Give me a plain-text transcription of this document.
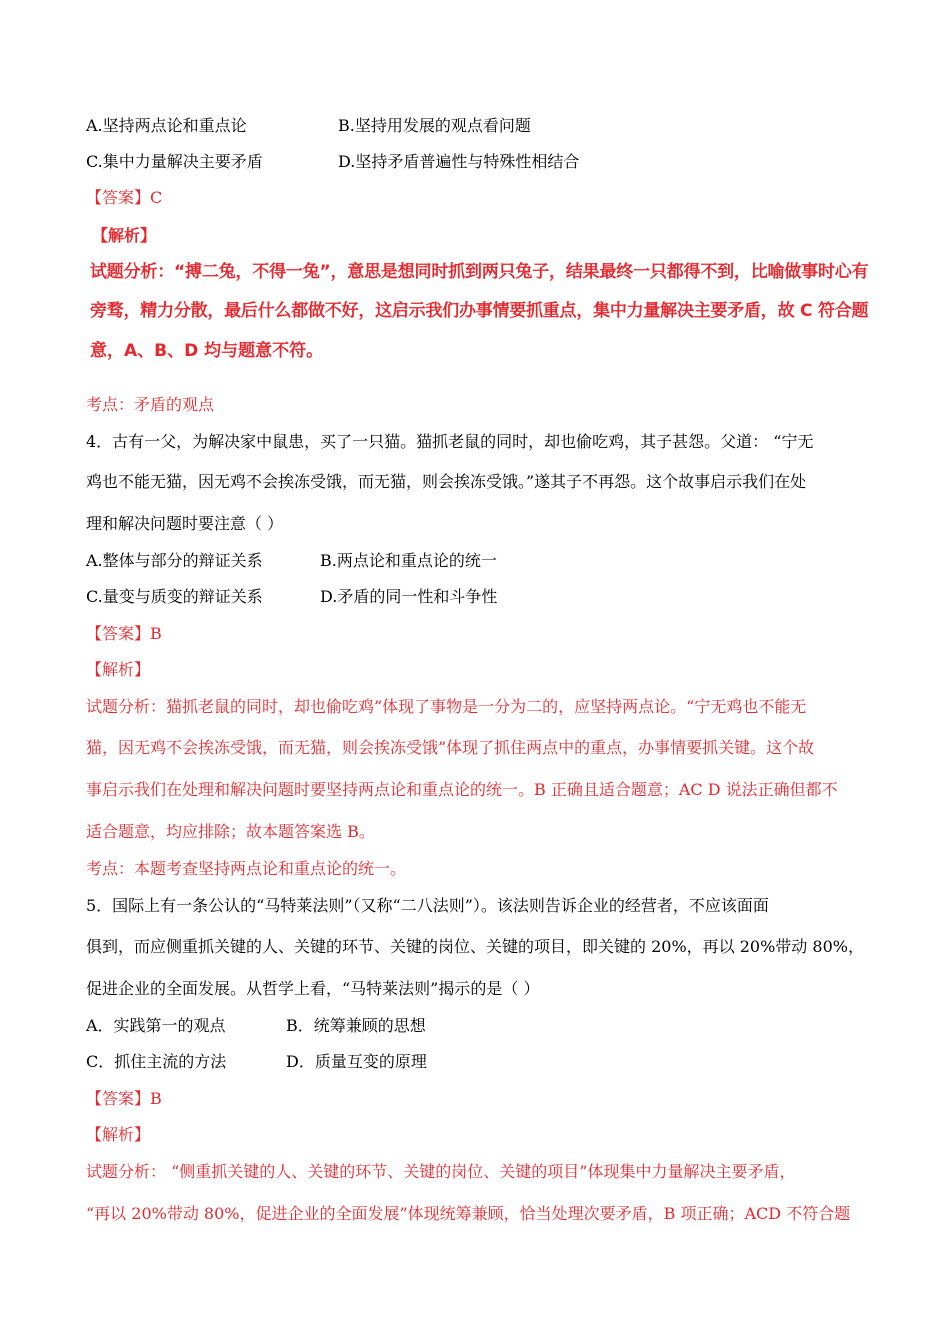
A.坚持两点论和重点论	B.坚持用发展的观点看问题
C.集中力量解决主要矛盾	D.坚持矛盾普遍性与特殊性相结合
【答案】C
【解析】
试题分析：“搏二兔，不得一兔”，意思是想同时抓到两只兔子，结果最终一只都得不到，比喻做事时心有
旁骛，精力分散，最后什么都做不好，这启示我们办事情要抓重点，集中力量解决主要矛盾，故 C 符合题
意，A、B、D 均与题意不符。
考点：矛盾的观点
4．古有一父，为解决家中鼠患，买了一只猫。猫抓老鼠的同时，却也偷吃鸡，其子甚怨。父道： “宁无
鸡也不能无猫，因无鸡不会挨冻受饿，而无猫，则会挨冻受饿。”遂其子不再怨。这个故事启示我们在处
理和解决问题时要注意（ ）
A.整体与部分的辩证关系	B.两点论和重点论的统一
C.量变与质变的辩证关系	D.矛盾的同一性和斗争性
【答案】B
【解析】
试题分析：猫抓老鼠的同时，却也偷吃鸡”体现了事物是一分为二的，应坚持两点论。“宁无鸡也不能无
猫，因无鸡不会挨冻受饿，而无猫，则会挨冻受饿”体现了抓住两点中的重点，办事情要抓关键。这个故
事启示我们在处理和解决问题时要坚持两点论和重点论的统一。B 正确且适合题意；AC D 说法正确但都不
适合题意，均应排除；故本题答案选 B。
考点：本题考查坚持两点论和重点论的统一。
5．国际上有一条公认的“马特莱法则”（又称“二八法则”）。该法则告诉企业的经营者，不应该面面
俱到，而应侧重抓关键的人、关键的环节、关键的岗位、关键的项目，即关键的 20%，再以 20%带动 80%，
促进企业的全面发展。从哲学上看，“马特莱法则”揭示的是（ ）
A．实践第一的观点	B．统筹兼顾的思想
C．抓住主流的方法	D．质量互变的原理
【答案】B
【解析】
试题分析： “侧重抓关键的人、关键的环节、关键的岗位、关键的项目”体现集中力量解决主要矛盾，
“再以 20%带动 80%，促进企业的全面发展”体现统筹兼顾，恰当处理次要矛盾，B 项正确；ACD 不符合题
